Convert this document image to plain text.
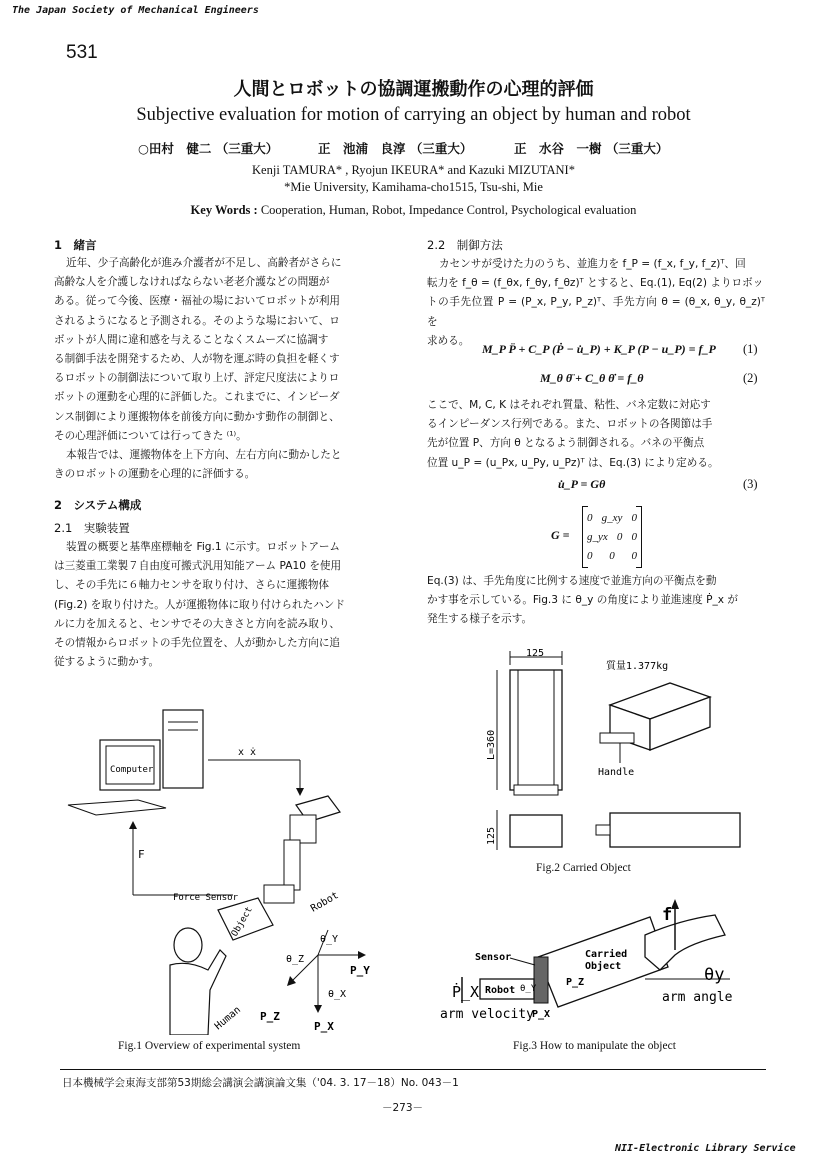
The Japan Society of Mechanical Engineers
531
人間とロボットの協調運搬動作の心理的評価
Subjective evaluation for motion of carrying an object by human and robot
○田村　健二 （三重大）	正　池浦　良淳 （三重大）	正　水谷　一樹 （三重大）
Kenji TAMURA* , Ryojun IKEURA* and Kazuki MIZUTANI*
*Mie University, Kamihama-cho1515, Tsu-shi, Mie
Key Words : Cooperation, Human, Robot, Impedance Control, Psychological evaluation
1　緒言
近年、少子高齢化が進み介護者が不足し、高齢者がさらに
高齢な人を介護しなければならない老老介護などの問題が
ある。従って今後、医療・福祉の場においてロボットが利用
されるようになると予測される。そのような場において、ロ
ボットが人間に違和感を与えることなくスムーズに協調す
る制御手法を開発するため、人が物を運ぶ時の負担を軽くす
るロボットの制御法について取り上げ、評定尺度法によりロ
ボットの運動を心理的に評価した。これまでに、インピーダ
ンス制御により運搬物体を前後方向に動かす動作の制御と、
その心理評価については行ってきた ⁽¹⁾。
本報告では、運搬物体を上下方向、左右方向に動かしたと
きのロボットの運動を心理的に評価する。
2　システム構成
2.1　実験装置
装置の概要と基準座標軸を Fig.1 に示す。ロボットアーム
は三菱重工業製７自由度可搬式汎用知能アーム PA10 を使用
し、その手先に６軸力センサを取り付け、さらに運搬物体
(Fig.2) を取り付けた。人が運搬物体に取り付けられたハンド
ルに力を加えると、センサでその大きさと方向を読み取り、
その情報からロボットの手先位置を、人が動かした方向に追
従するように動かす。
2.2　制御方法
カセンサが受けた力のうち、並進力を f_P = (f_x, f_y, f_z)ᵀ、回
転力を f_θ = (f_θx, f_θy, f_θz)ᵀ とすると、Eq.(1), Eq(2) よりロボッ
トの手先位置 P = (P_x, P_y, P_z)ᵀ、手先方向 θ = (θ_x, θ_y, θ_z)ᵀ を
求める。
M_P P̈ + C_P (Ṗ − u̇_P) + K_P (P − u_P) = f_P (1)
M_θ θ̈ + C_θ θ̇ = f_θ	(2)
ここで、M, C, K はそれぞれ質量、粘性、バネ定数に対応す
るインピーダンス行列である。また、ロボットの各関節は手
先が位置 P、方向 θ となるよう制御される。バネの平衡点
位置 u_P = (u_Px, u_Py, u_Pz)ᵀ は、Eq.(3) により定める。
u̇_P = Gθ	(3)
G =
0 g_xy 0
g_yx 0 0
0 0 0
Eq.(3) は、手先角度に比例する速度で並進方向の平衡点を動
かす事を示している。Fig.3 に θ_y の角度により並進速度 Ṗ_x が
発生する様子を示す。
125
L=360
質量1.377kg
Handle
125
Fig.2 Carried Object
Computer
x ẋ
F
Force Sensor	Robot
Object
Human
θ_Y
θ_Z
P_Y
θ_X
P_Z
P_X
Fig.1 Overview of experimental system
Carried
Object
Sensor
Robot θ_Y
P_Z
P_X
Ṗ_X
arm velocity
f
θy
arm angle
Fig.3 How to manipulate the object
日本機械学会東海支部第53期総会講演会講演論文集（'04. 3. 17－18）No. 043－1
－273－
NII-Electronic Library Service
